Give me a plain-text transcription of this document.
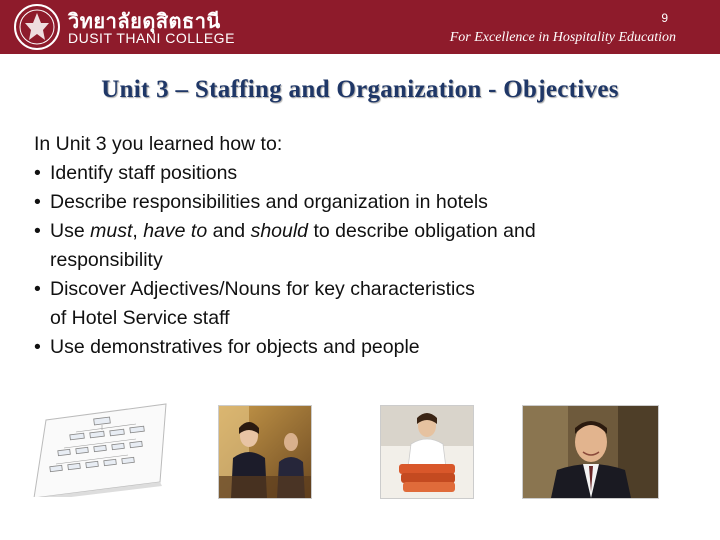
วิทยาลัยดุสิตธานี
DUSIT THANI COLLEGE
9
For Excellence in Hospitality Education
Unit 3 – Staffing and Organization - Objectives
In Unit 3 you learned how to:
• Identify staff positions
• Describe responsibilities and organization in hotels
• Use must, have to and should to describe obligation and
responsibility
• Discover Adjectives/Nouns for key characteristics
of Hotel Service staff
• Use demonstratives for objects and people
